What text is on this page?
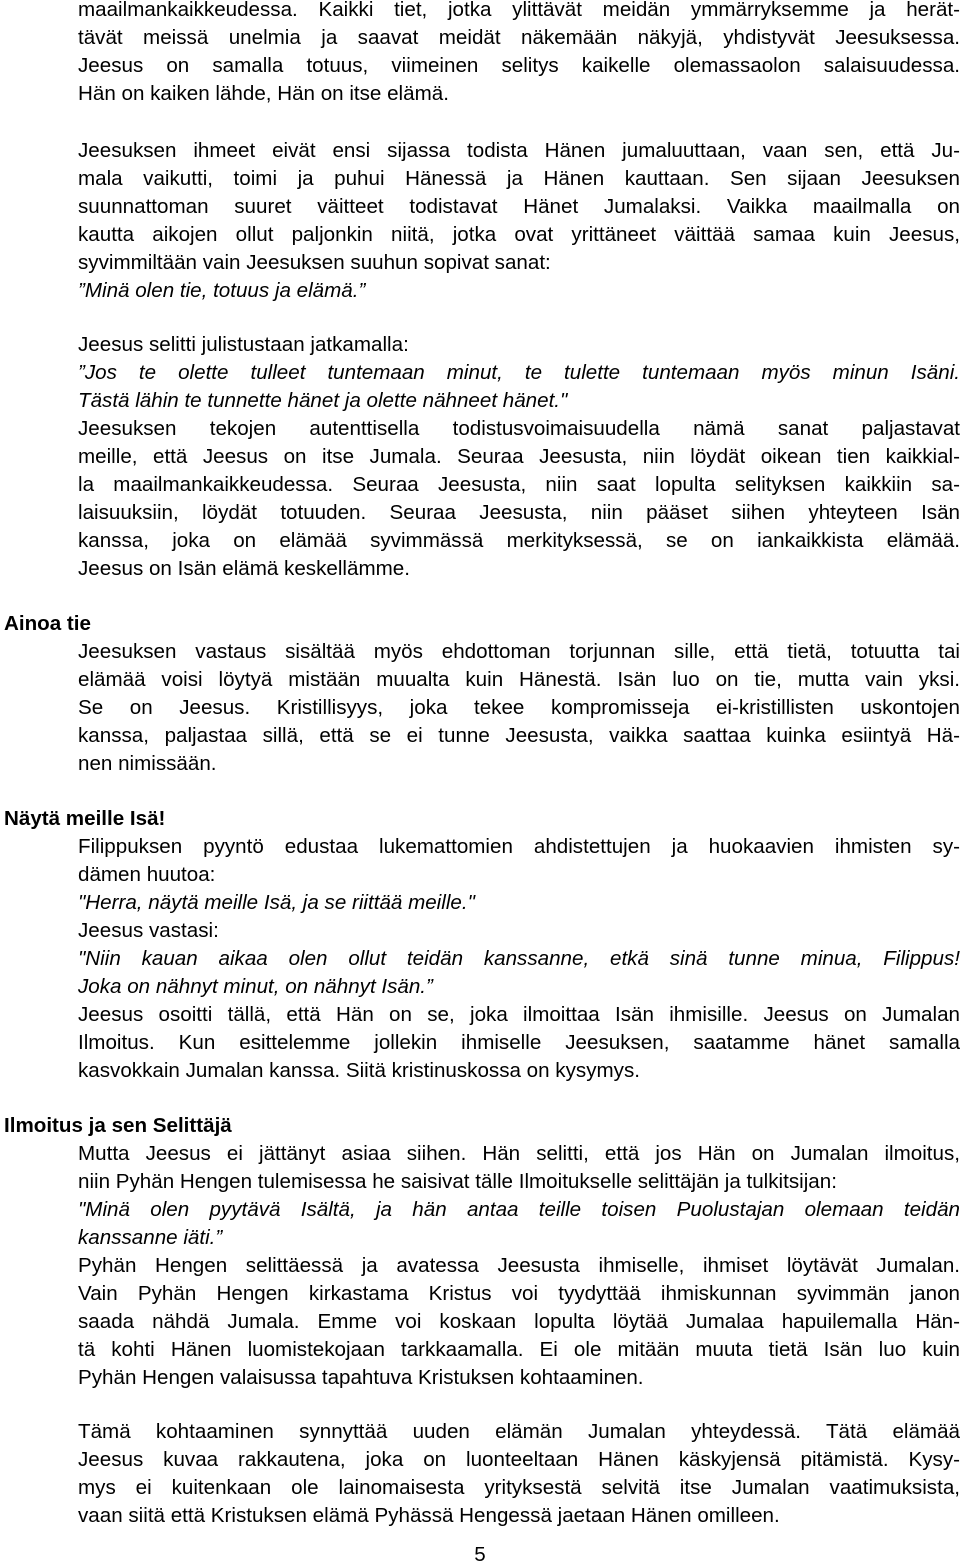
maailmankaikkeudessa. Kaikki tiet, jotka ylittävät meidän ymmärryksemme ja herät-
tävät meissä unelmia ja saavat meidät näkemään näkyjä, yhdistyvät Jeesuksessa.
Jeesus on samalla totuus, viimeinen selitys kaikelle olemassaolon salaisuudessa.
Hän on kaiken lähde, Hän on itse elämä.
Jeesuksen ihmeet eivät ensi sijassa todista Hänen jumaluuttaan, vaan sen, että Ju-
mala vaikutti, toimi ja puhui Hänessä ja Hänen kauttaan. Sen sijaan Jeesuksen
suunnattoman suuret väitteet todistavat Hänet Jumalaksi. Vaikka maailmalla on
kautta aikojen ollut paljonkin niitä, jotka ovat yrittäneet väittää samaa kuin Jeesus,
syvimmiltään vain Jeesuksen suuhun sopivat sanat:
”Minä olen tie, totuus ja elämä.”
Jeesus selitti julistustaan jatkamalla:
”Jos te olette tulleet tuntemaan minut, te tulette tuntemaan myös minun Isäni.
Tästä lähin te tunnette hänet ja olette nähneet hänet."
Jeesuksen tekojen autenttisella todistusvoimaisuudella nämä sanat paljastavat
meille, että Jeesus on itse Jumala. Seuraa Jeesusta, niin löydät oikean tien kaikkial-
la maailmankaikkeudessa. Seuraa Jeesusta, niin saat lopulta selityksen kaikkiin sa-
laisuuksiin, löydät totuuden. Seuraa Jeesusta, niin pääset siihen yhteyteen Isän
kanssa, joka on elämää syvimmässä merkityksessä, se on iankaikkista elämää.
Jeesus on Isän elämä keskellämme.
Ainoa tie
Jeesuksen vastaus sisältää myös ehdottoman torjunnan sille, että tietä, totuutta tai
elämää voisi löytyä mistään muualta kuin Hänestä. Isän luo on tie, mutta vain yksi.
Se on Jeesus. Kristillisyys, joka tekee kompromisseja ei-kristillisten uskontojen
kanssa, paljastaa sillä, että se ei tunne Jeesusta, vaikka saattaa kuinka esiintyä Hä-
nen nimissään.
Näytä meille Isä!
Filippuksen pyyntö edustaa lukemattomien ahdistettujen ja huokaavien ihmisten sy-
dämen huutoa:
"Herra, näytä meille Isä, ja se riittää meille."
Jeesus vastasi:
"Niin kauan aikaa olen ollut teidän kanssanne, etkä sinä tunne minua, Filippus!
Joka on nähnyt minut, on nähnyt Isän.”
Jeesus osoitti tällä, että Hän on se, joka ilmoittaa Isän ihmisille. Jeesus on Jumalan
Ilmoitus. Kun esittelemme jollekin ihmiselle Jeesuksen, saatamme hänet samalla
kasvokkain Jumalan kanssa. Siitä kristinuskossa on kysymys.
Ilmoitus ja sen Selittäjä
Mutta Jeesus ei jättänyt asiaa siihen. Hän selitti, että jos Hän on Jumalan ilmoitus,
niin Pyhän Hengen tulemisessa he saisivat tälle Ilmoitukselle selittäjän ja tulkitsijan:
"Minä olen pyytävä Isältä, ja hän antaa teille toisen Puolustajan olemaan teidän
kanssanne iäti.”
Pyhän Hengen selittäessä ja avatessa Jeesusta ihmiselle, ihmiset löytävät Jumalan.
Vain Pyhän Hengen kirkastama Kristus voi tyydyttää ihmiskunnan syvimmän janon
saada nähdä Jumala. Emme voi koskaan lopulta löytää Jumalaa hapuilemalla Hän-
tä kohti Hänen luomistekojaan tarkkaamalla. Ei ole mitään muuta tietä Isän luo kuin
Pyhän Hengen valaisussa tapahtuva Kristuksen kohtaaminen.
Tämä kohtaaminen synnyttää uuden elämän Jumalan yhteydessä. Tätä elämää
Jeesus kuvaa rakkautena, joka on luonteeltaan Hänen käskyjensä pitämistä. Kysy-
mys ei kuitenkaan ole lainomaisesta yrityksestä selvitä itse Jumalan vaatimuksista,
vaan siitä että Kristuksen elämä Pyhässä Hengessä jaetaan Hänen omilleen.
5
